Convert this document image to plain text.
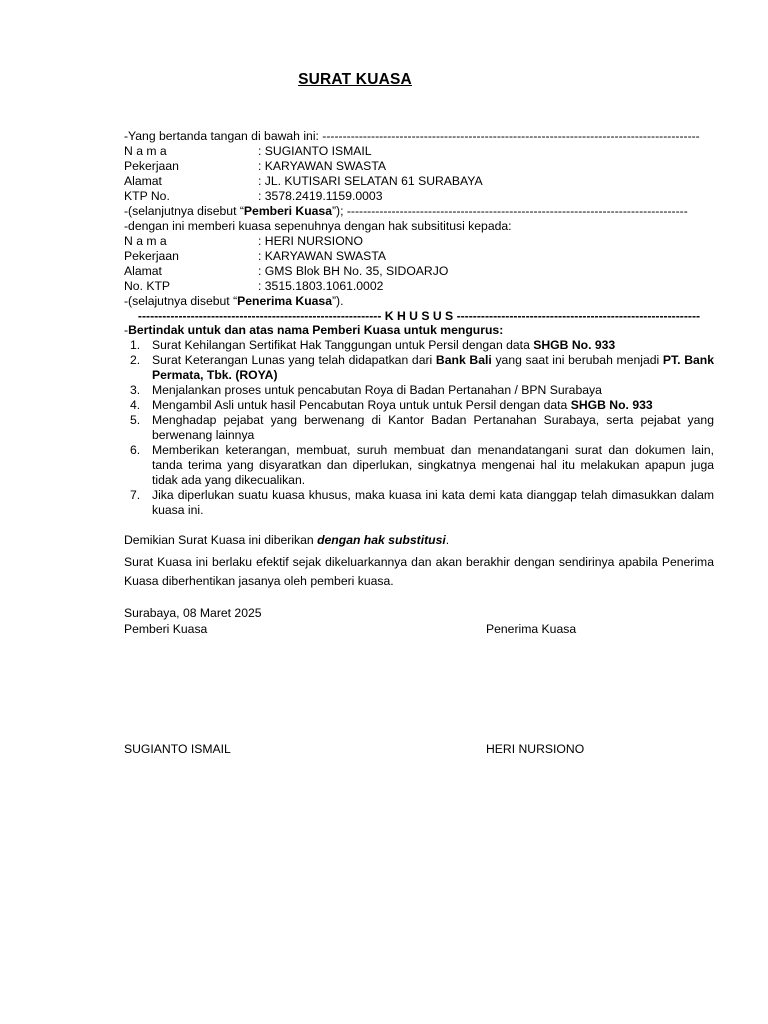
SURAT KUASA
-Yang bertanda tangan di bawah ini: ---------------------------------------------------------------------------------------------
N a m a	: SUGIANTO ISMAIL
Pekerjaan	: KARYAWAN SWASTA
Alamat	: JL. KUTISARI SELATAN 61 SURABAYA
KTP No.	: 3578.2419.1159.0003
-(selanjutnya disebut “Pemberi Kuasa”); ------------------------------------------------------------------------------------
-dengan ini memberi kuasa sepenuhnya dengan hak subsititusi kepada:
N a m a	: HERI NURSIONO
Pekerjaan	: KARYAWAN SWASTA
Alamat	: GMS Blok BH No. 35, SIDOARJO
No. KTP	: 3515.1803.1061.0002
-(selajutnya disebut “Penerima Kuasa”).
------------------------------------------------------------ K H U S U S ------------------------------------------------------------
-Bertindak untuk dan atas nama Pemberi Kuasa untuk mengurus:
1. Surat Kehilangan Sertifikat Hak Tanggungan untuk Persil dengan data SHGB No. 933
2. Surat Keterangan Lunas yang telah didapatkan dari Bank Bali yang saat ini berubah menjadi PT. Bank Permata, Tbk. (ROYA)
3. Menjalankan proses untuk pencabutan Roya di Badan Pertanahan / BPN Surabaya
4. Mengambil Asli untuk hasil Pencabutan Roya untuk untuk Persil dengan data SHGB No. 933
5. Menghadap pejabat yang berwenang di Kantor Badan Pertanahan Surabaya, serta pejabat yang berwenang lainnya
6. Memberikan keterangan, membuat, suruh membuat dan menandatangani surat dan dokumen lain, tanda terima yang disyaratkan dan diperlukan, singkatnya mengenai hal itu melakukan apapun juga tidak ada yang dikecualikan.
7. Jika diperlukan suatu kuasa khusus, maka kuasa ini kata demi kata dianggap telah dimasukkan dalam kuasa ini.
Demikian Surat Kuasa ini diberikan dengan hak substitusi.
Surat Kuasa ini berlaku efektif sejak dikeluarkannya dan akan berakhir dengan sendirinya apabila Penerima Kuasa diberhentikan jasanya oleh pemberi kuasa.
Surabaya, 08 Maret 2025
Pemberi Kuasa	Penerima Kuasa
SUGIANTO ISMAIL	HERI NURSIONO
